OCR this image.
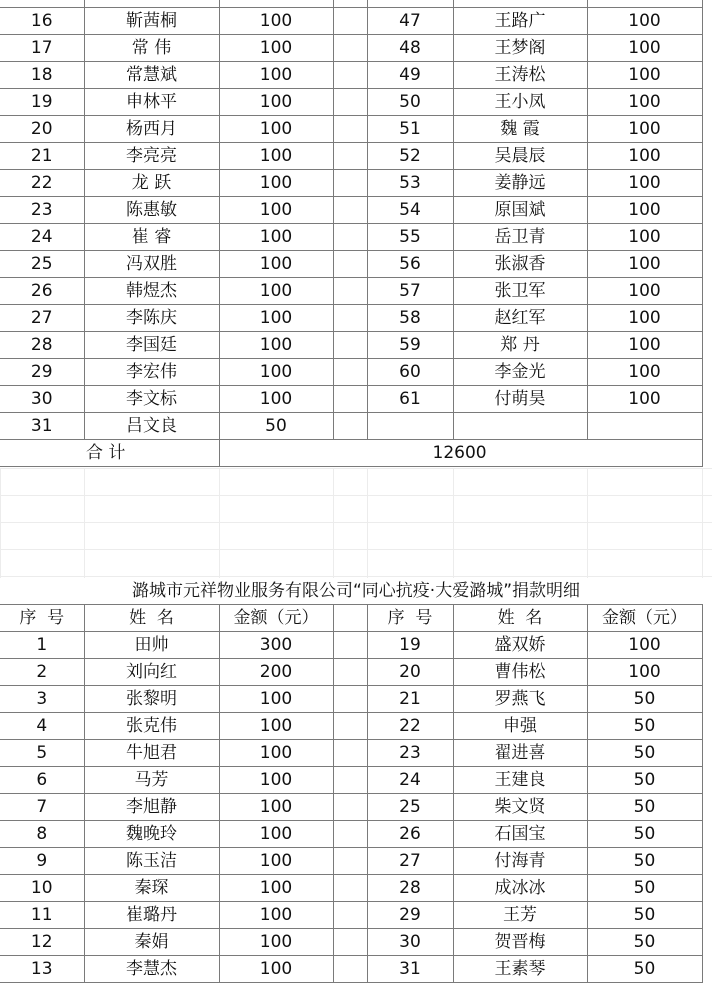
16	靳茜桐	100		47	王路广	100
17	常 伟	100		48	王梦阁	100
18	常慧斌	100		49	王涛松	100
19	申林平	100		50	王小凤	100
20	杨西月	100		51	魏 霞	100
21	李亮亮	100		52	吴晨辰	100
22	龙 跃	100		53	姜静远	100
23	陈惠敏	100		54	原国斌	100
24	崔 睿	100		55	岳卫青	100
25	冯双胜	100		56	张淑香	100
26	韩煜杰	100		57	张卫军	100
27	李陈庆	100		58	赵红军	100
28	李国廷	100		59	郑 丹	100
29	李宏伟	100		60	李金光	100
30	李文标	100		61	付萌昊	100
31	吕文良	50				
合 计		12600				
潞城市元祥物业服务有限公司“同心抗疫·大爱潞城”捐款明细
序  号	姓  名	金额（元）		序  号	姓  名	金额（元）
1	田帅	300		19	盛双娇	100
2	刘向红	200		20	曹伟松	100
3	张黎明	100		21	罗燕飞	50
4	张克伟	100		22	申强	50
5	牛旭君	100		23	翟进喜	50
6	马芳	100		24	王建良	50
7	李旭静	100		25	柴文贤	50
8	魏晚玲	100		26	石国宝	50
9	陈玉洁	100		27	付海青	50
10	秦琛	100		28	成冰冰	50
11	崔璐丹	100		29	王芳	50
12	秦娟	100		30	贺晋梅	50
13	李慧杰	100		31	王素琴	50
